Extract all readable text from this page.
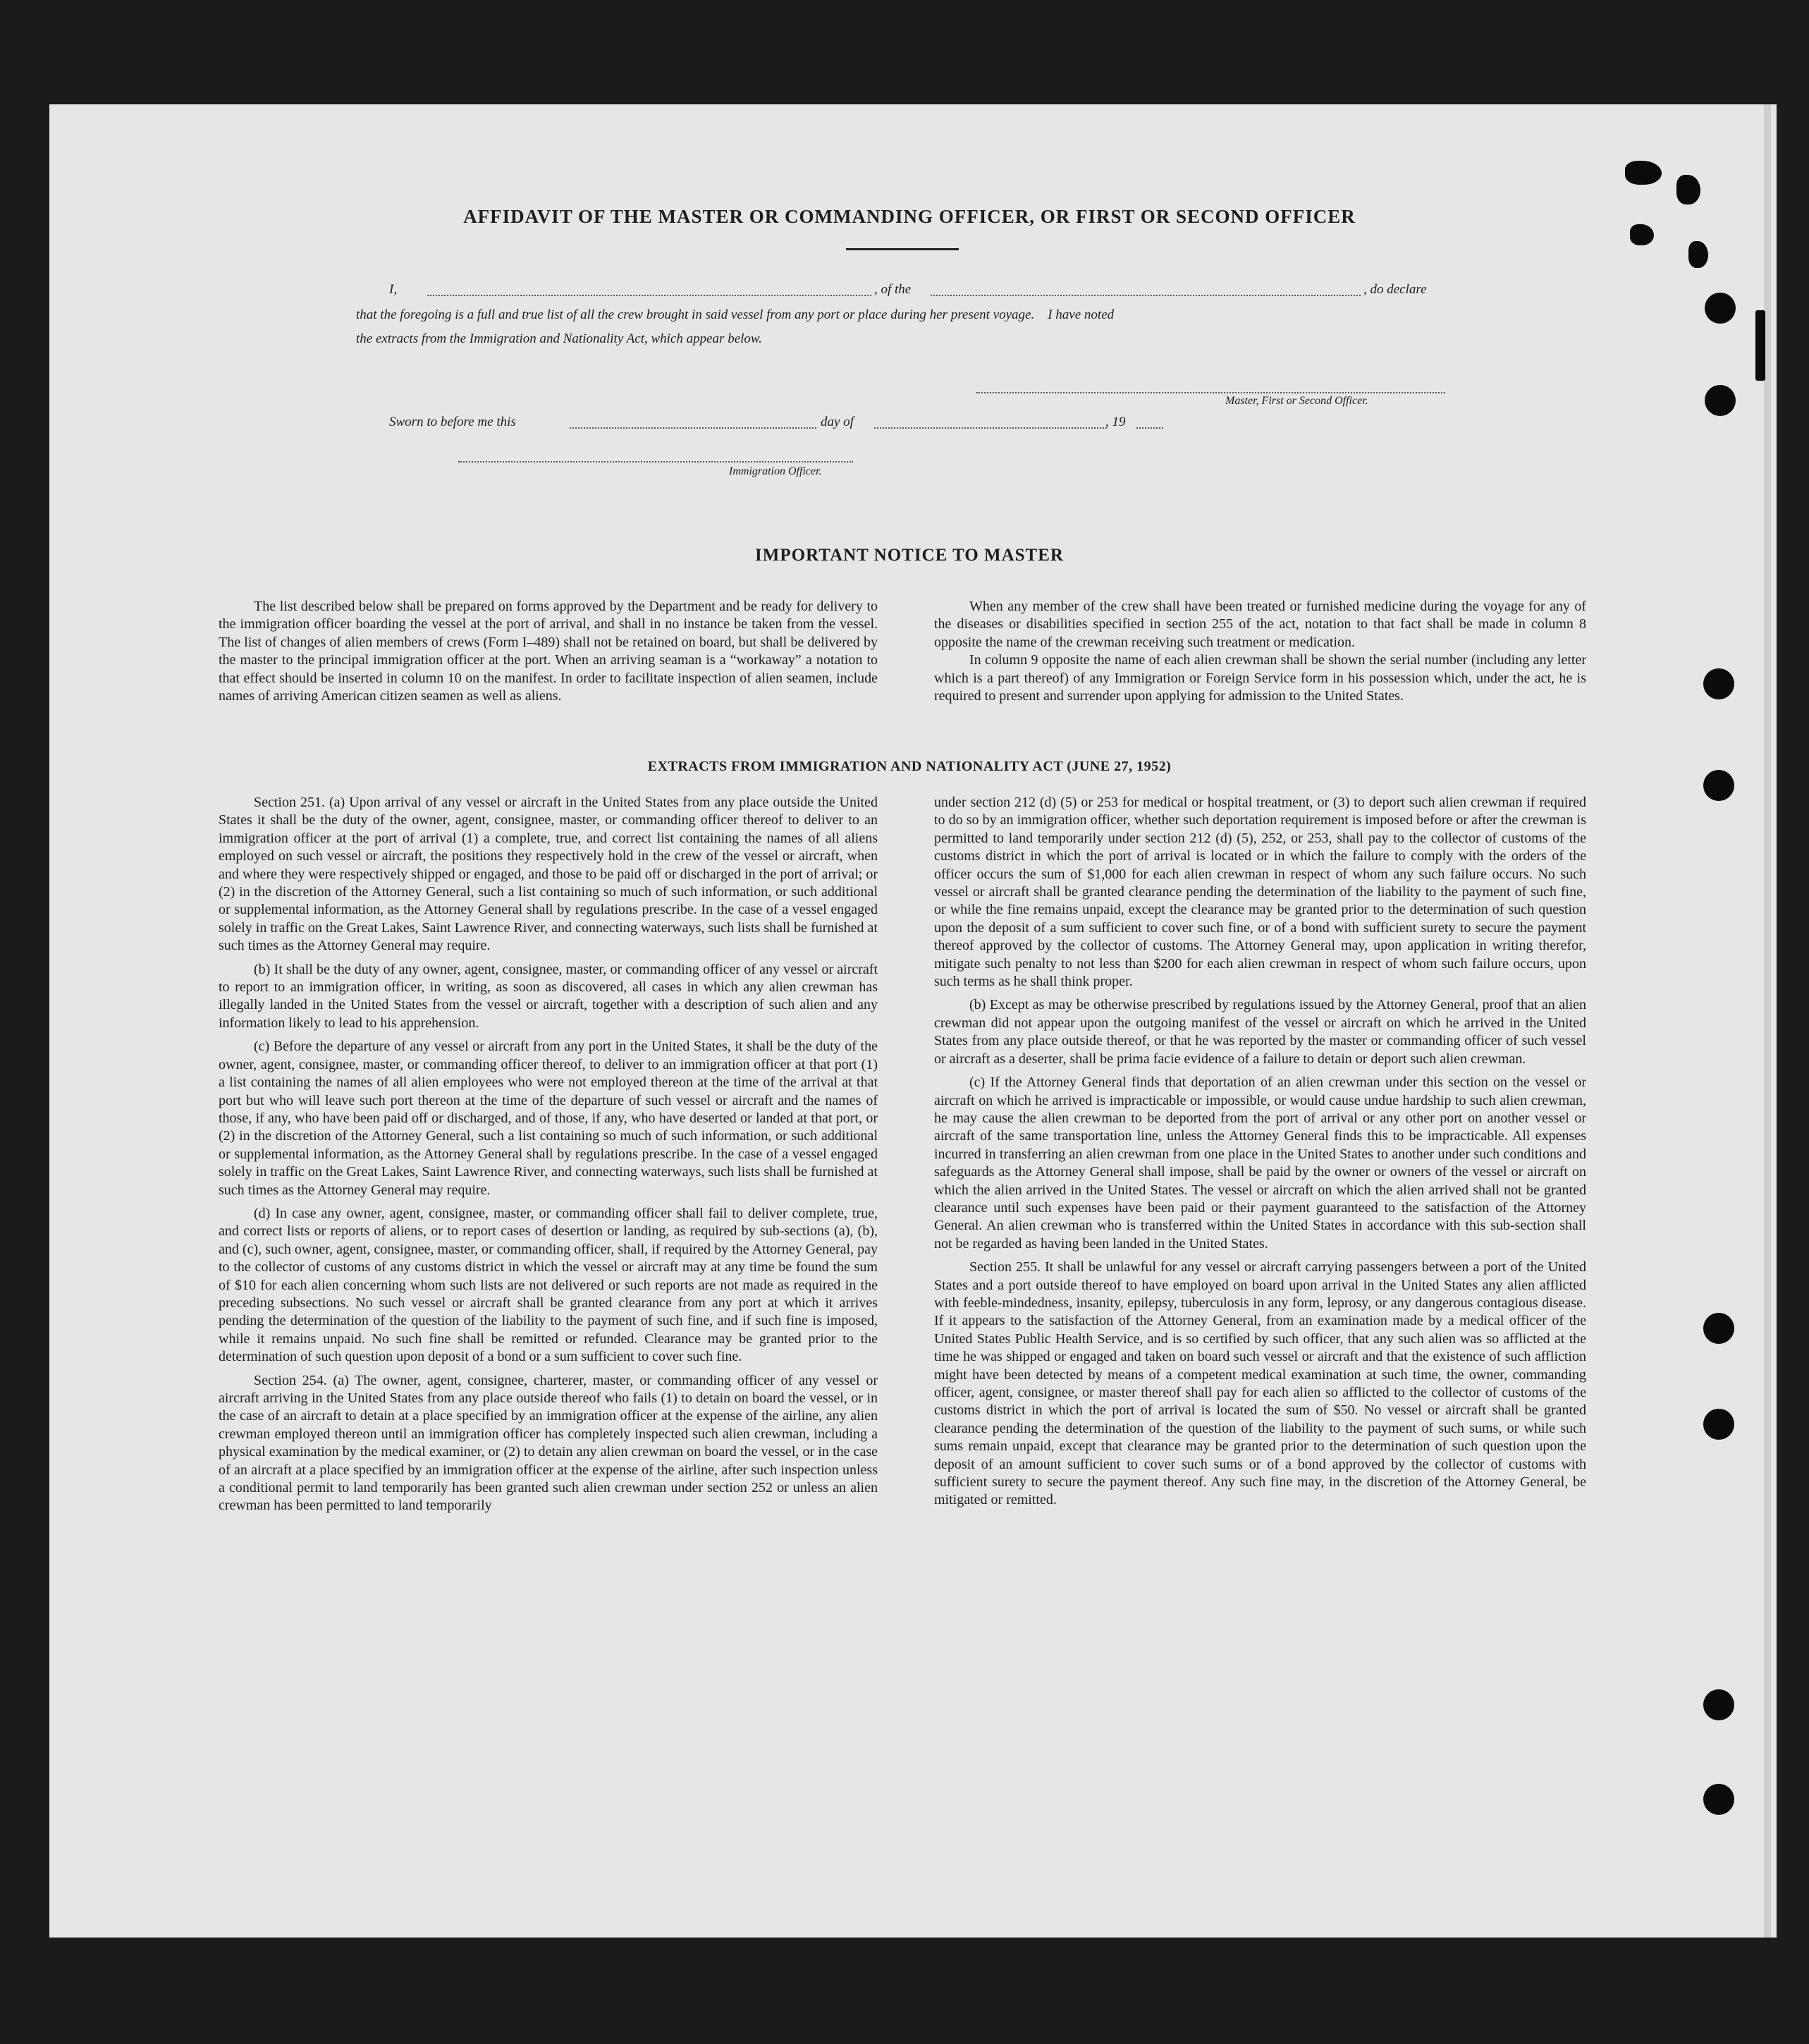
AFFIDAVIT OF THE MASTER OR COMMANDING OFFICER, OR FIRST OR SECOND OFFICER
I,	, of the	, do declare
that the foregoing is a full and true list of all the crew brought in said vessel from any port or place during her present voyage.    I have noted
the extracts from the Immigration and Nationality Act, which appear below.
Master, First or Second Officer.
Sworn to before me this	day of	, 19
Immigration Officer.
IMPORTANT NOTICE TO MASTER

The list described below shall be prepared on forms approved by the Department and be ready for delivery to the immigration officer boarding the vessel at the port of arrival, and shall in no instance be taken from the vessel. The list of changes of alien members of crews (Form I–489) shall not be retained on board, but shall be delivered by the master to the principal immigration officer at the port. When an arriving seaman is a “workaway” a notation to that effect should be inserted in column 10 on the manifest. In order to facilitate inspection of alien seamen, include names of arriving American citizen seamen as well as aliens.

When any member of the crew shall have been treated or furnished medicine during the voyage for any of the diseases or disabilities specified in section 255 of the act, notation to that fact shall be made in column 8 opposite the name of the crewman receiving such treatment or medication.

In column 9 opposite the name of each alien crewman shall be shown the serial number (including any letter which is a part thereof) of any Immigration or Foreign Service form in his possession which, under the act, he is required to present and surrender upon applying for admission to the United States.

EXTRACTS FROM IMMIGRATION AND NATIONALITY ACT (JUNE 27, 1952)

Section 251. (a) Upon arrival of any vessel or aircraft in the United States from any place outside the United States it shall be the duty of the owner, agent, consignee, master, or commanding officer thereof to deliver to an immigration officer at the port of arrival (1) a complete, true, and correct list containing the names of all aliens employed on such vessel or aircraft, the positions they respectively hold in the crew of the vessel or aircraft, when and where they were respectively shipped or engaged, and those to be paid off or discharged in the port of arrival; or (2) in the discretion of the Attorney General, such a list containing so much of such information, or such additional or supplemental information, as the Attorney General shall by regulations prescribe. In the case of a vessel engaged solely in traffic on the Great Lakes, Saint Lawrence River, and connecting waterways, such lists shall be furnished at such times as the Attorney General may require.

(b) It shall be the duty of any owner, agent, consignee, master, or commanding officer of any vessel or aircraft to report to an immigration officer, in writing, as soon as discovered, all cases in which any alien crewman has illegally landed in the United States from the vessel or aircraft, together with a description of such alien and any information likely to lead to his apprehension.

(c) Before the departure of any vessel or aircraft from any port in the United States, it shall be the duty of the owner, agent, consignee, master, or commanding officer thereof, to deliver to an immigration officer at that port (1) a list containing the names of all alien employees who were not employed thereon at the time of the arrival at that port but who will leave such port thereon at the time of the departure of such vessel or aircraft and the names of those, if any, who have been paid off or discharged, and of those, if any, who have deserted or landed at that port, or (2) in the discretion of the Attorney General, such a list containing so much of such information, or such additional or supplemental information, as the Attorney General shall by regulations prescribe. In the case of a vessel engaged solely in traffic on the Great Lakes, Saint Lawrence River, and connecting waterways, such lists shall be furnished at such times as the Attorney General may require.

(d) In case any owner, agent, consignee, master, or commanding officer shall fail to deliver complete, true, and correct lists or reports of aliens, or to report cases of desertion or landing, as required by sub-sections (a), (b), and (c), such owner, agent, consignee, master, or commanding officer, shall, if required by the Attorney General, pay to the collector of customs of any customs district in which the vessel or aircraft may at any time be found the sum of $10 for each alien concerning whom such lists are not delivered or such reports are not made as required in the preceding subsections. No such vessel or aircraft shall be granted clearance from any port at which it arrives pending the determination of the question of the liability to the payment of such fine, and if such fine is imposed, while it remains unpaid. No such fine shall be remitted or refunded. Clearance may be granted prior to the determination of such question upon deposit of a bond or a sum sufficient to cover such fine.

Section 254. (a) The owner, agent, consignee, charterer, master, or commanding officer of any vessel or aircraft arriving in the United States from any place outside thereof who fails (1) to detain on board the vessel, or in the case of an aircraft to detain at a place specified by an immigration officer at the expense of the airline, any alien crewman employed thereon until an immigration officer has completely inspected such alien crewman, including a physical examination by the medical examiner, or (2) to detain any alien crewman on board the vessel, or in the case of an aircraft at a place specified by an immigration officer at the expense of the airline, after such inspection unless a conditional permit to land temporarily has been granted such alien crewman under section 252 or unless an alien crewman has been permitted to land temporarily

under section 212 (d) (5) or 253 for medical or hospital treatment, or (3) to deport such alien crewman if required to do so by an immigration officer, whether such deportation requirement is imposed before or after the crewman is permitted to land temporarily under section 212 (d) (5), 252, or 253, shall pay to the collector of customs of the customs district in which the port of arrival is located or in which the failure to comply with the orders of the officer occurs the sum of $1,000 for each alien crewman in respect of whom any such failure occurs. No such vessel or aircraft shall be granted clearance pending the determination of the liability to the payment of such fine, or while the fine remains unpaid, except the clearance may be granted prior to the determination of such question upon the deposit of a sum sufficient to cover such fine, or of a bond with sufficient surety to secure the payment thereof approved by the collector of customs. The Attorney General may, upon application in writing therefor, mitigate such penalty to not less than $200 for each alien crewman in respect of whom such failure occurs, upon such terms as he shall think proper.

(b) Except as may be otherwise prescribed by regulations issued by the Attorney General, proof that an alien crewman did not appear upon the outgoing manifest of the vessel or aircraft on which he arrived in the United States from any place outside thereof, or that he was reported by the master or commanding officer of such vessel or aircraft as a deserter, shall be prima facie evidence of a failure to detain or deport such alien crewman.

(c) If the Attorney General finds that deportation of an alien crewman under this section on the vessel or aircraft on which he arrived is impracticable or impossible, or would cause undue hardship to such alien crewman, he may cause the alien crewman to be deported from the port of arrival or any other port on another vessel or aircraft of the same transportation line, unless the Attorney General finds this to be impracticable. All expenses incurred in transferring an alien crewman from one place in the United States to another under such conditions and safeguards as the Attorney General shall impose, shall be paid by the owner or owners of the vessel or aircraft on which the alien arrived in the United States. The vessel or aircraft on which the alien arrived shall not be granted clearance until such expenses have been paid or their payment guaranteed to the satisfaction of the Attorney General. An alien crewman who is transferred within the United States in accordance with this sub-section shall not be regarded as having been landed in the United States.

Section 255. It shall be unlawful for any vessel or aircraft carrying passengers between a port of the United States and a port outside thereof to have employed on board upon arrival in the United States any alien afflicted with feeble-mindedness, insanity, epilepsy, tuberculosis in any form, leprosy, or any dangerous contagious disease. If it appears to the satisfaction of the Attorney General, from an examination made by a medical officer of the United States Public Health Service, and is so certified by such officer, that any such alien was so afflicted at the time he was shipped or engaged and taken on board such vessel or aircraft and that the existence of such affliction might have been detected by means of a competent medical examination at such time, the owner, commanding officer, agent, consignee, or master thereof shall pay for each alien so afflicted to the collector of customs of the customs district in which the port of arrival is located the sum of $50. No vessel or aircraft shall be granted clearance pending the determination of the question of the liability to the payment of such sums, or while such sums remain unpaid, except that clearance may be granted prior to the determination of such question upon the deposit of an amount sufficient to cover such sums or of a bond approved by the collector of customs with sufficient surety to secure the payment thereof. Any such fine may, in the discretion of the Attorney General, be mitigated or remitted.
